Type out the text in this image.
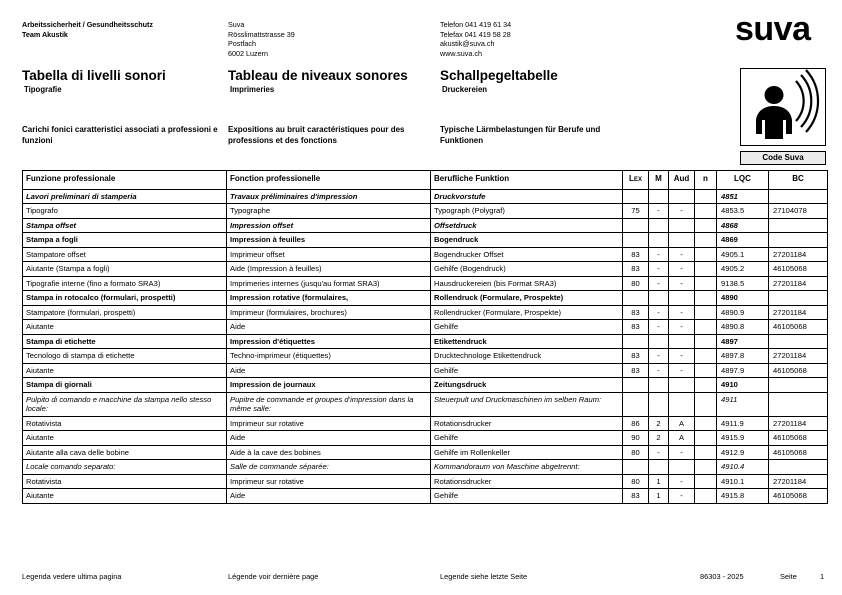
Arbeitssicherheit / Gesundheitsschutz
Team Akustik
Suva
Rösslimattstrasse 39
Postfach
6002 Luzern
Telefon 041 419 61 34
Telefax 041 419 58 28
akustik@suva.ch
www.suva.ch
suva
Code Suva
Tabella di livelli sonori
Tipografie
Tableau de niveaux sonores
Imprimeries
Schallpegeltabelle
Druckereien
Carichi fonici caratteristici associati a professioni e funzioni
Expositions au bruit caractéristiques pour des professions et des fonctions
Typische Lärmbelastungen für Berufe und Funktionen
Funzione professionale	Fonction professionelle	Berufliche Funktion	LEX	M	Aud	n	LQC	BC
Lavori preliminari di stamperia	Travaux préliminaires d'impression	Druckvorstufe					4851	
Tipografo	Typographe	Typograph (Polygraf)	75	-	-		4853.5	27104078
Stampa offset	Impression offset	Offsetdruck					4868	
Stampa a fogli	Impression à feuilles	Bogendruck					4869	
Stampatore offset	Imprimeur offset	Bogendrucker Offset	83	-	-		4905.1	27201184
Aiutante (Stampa a fogli)	Aide (Impression à feuilles)	Gehilfe (Bogendruck)	83	-	-		4905.2	46105068
Tipografie interne (fino a formato SRA3)	Imprimeries internes (jusqu'au format SRA3)	Hausdruckereien (bis Format SRA3)	80	-	-		9138.5	27201184
Stampa in rotocalco (formulari, prospetti)	Impression rotative (formulaires,	Rollendruck (Formulare, Prospekte)					4890	
Stampatore (formulari, prospetti)	Imprimeur (formulaires, brochures)	Rollendrucker (Formulare, Prospekte)	83	-	-		4890.9	27201184
Aiutante	Aide	Gehilfe	83	-	-		4890.8	46105068
Stampa di etichette	Impression d'étiquettes	Etikettendruck					4897	
Tecnologo di stampa di etichette	Techno-imprimeur (étiquettes)	Drucktechnologe Etikettendruck	83	-	-		4897.8	27201184
Aiutante	Aide	Gehilfe	83	-	-		4897.9	46105068
Stampa di giornali	Impression de journaux	Zeitungsdruck					4910	
Pulpito di comando e macchine da stampa nello stesso locale:	Pupitre de commande et groupes d'impression dans la même salle:	Steuerpult und Druckmaschinen im selben Raum:					4911	
Rotativista	Imprimeur sur rotative	Rotationsdrucker	86	2	A		4911.9	27201184
Aiutante	Aide	Gehilfe	90	2	A		4915.9	46105068
Aiutante alla cava delle bobine	Aide à la cave des bobines	Gehilfe im Rollenkeller	80	-	-		4912.9	46105068
Locale comando separato:	Salle de commande séparée:	Kommandoraum von Maschine abgetrennt:					4910.4	
Rotativista	Imprimeur sur rotative	Rotationsdrucker	80	1	-		4910.1	27201184
Aiutante	Aide	Gehilfe	83	1	-		4915.8	46105068
Legenda vedere ultima pagina	Légende voir dernière page	Legende siehe letzte Seite	86303 - 2025	Seite	1
